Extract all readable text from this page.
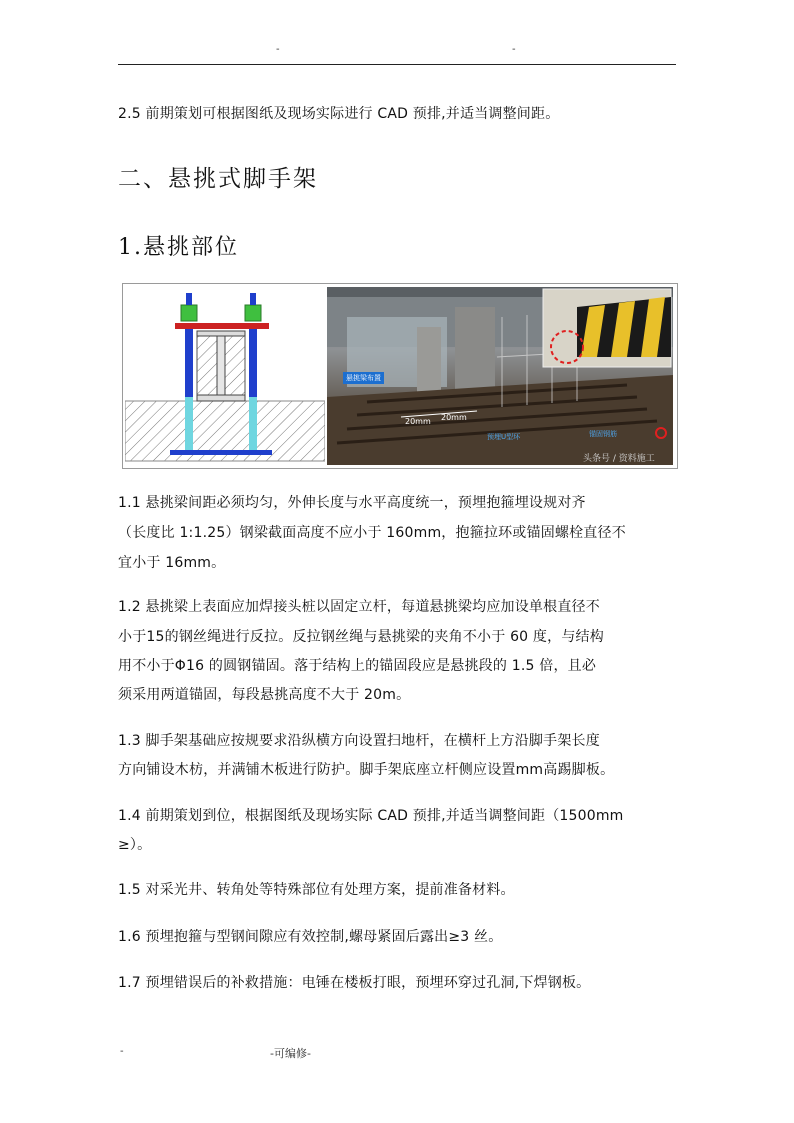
-	-
2.5 前期策划可根据图纸及现场实际进行 CAD 预排,并适当调整间距。
二、悬挑式脚手架
1.悬挑部位
悬挑梁布置
20mm 20mm
预埋U型环	锚固钢筋
头条号 / 资料施工
1.1 悬挑梁间距必须均匀，外伸长度与水平高度统一，预埋抱箍埋设规对齐
（长度比 1:1.25）钢梁截面高度不应小于 160mm，抱箍拉环或锚固螺栓直径不
宜小于 16mm。
1.2 悬挑梁上表面应加焊接头桩以固定立杆，每道悬挑梁均应加设单根直径不
小于15的钢丝绳进行反拉。反拉钢丝绳与悬挑梁的夹角不小于 60 度，与结构
用不小于Φ16 的圆钢锚固。落于结构上的锚固段应是悬挑段的 1.5 倍，且必
须采用两道锚固，每段悬挑高度不大于 20m。
1.3 脚手架基础应按规要求沿纵横方向设置扫地杆，在横杆上方沿脚手架长度
方向铺设木枋，并满铺木板进行防护。脚手架底座立杆侧应设置mm高踢脚板。
1.4 前期策划到位，根据图纸及现场实际 CAD 预排,并适当调整间距（1500mm
≥）。
1.5 对采光井、转角处等特殊部位有处理方案，提前准备材料。
1.6 预埋抱箍与型钢间隙应有效控制,螺母紧固后露出≥3 丝。
1.7 预埋错误后的补救措施：电锤在楼板打眼，预埋环穿过孔洞,下焊钢板。
-	-可编修-
